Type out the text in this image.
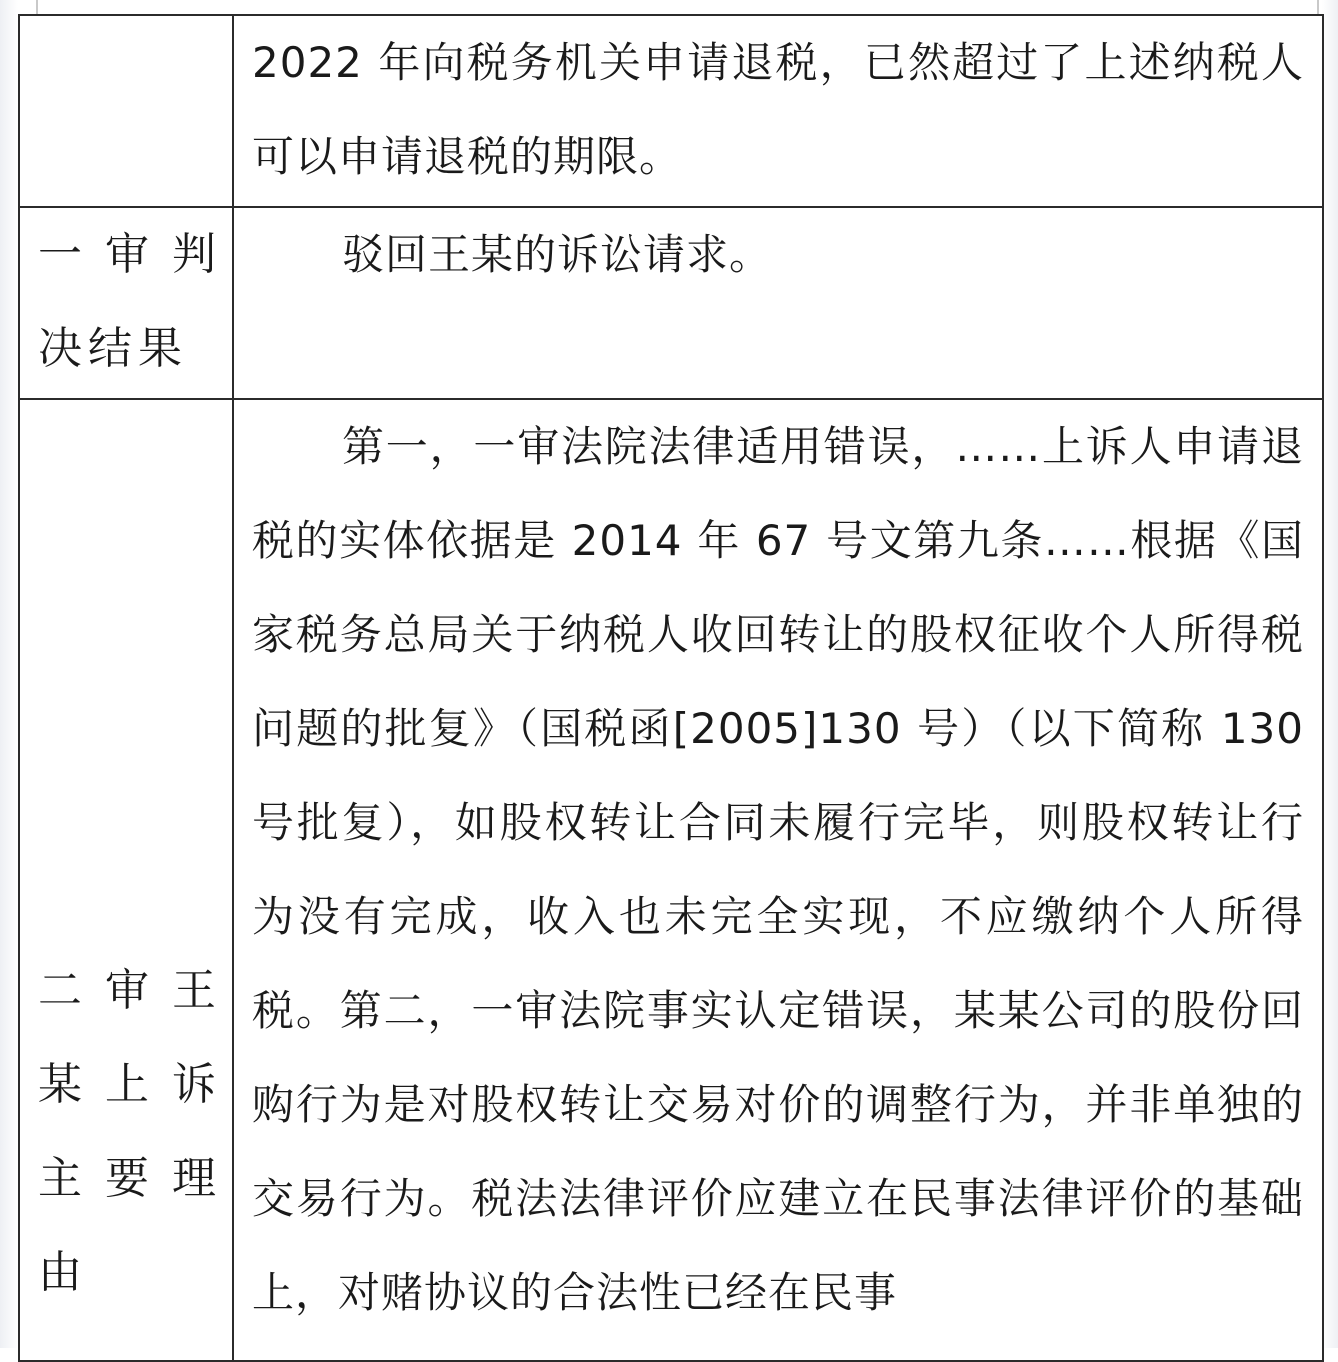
	2022 年向税务机关申请退税，已然超过了上述纳税人可以申请退税的期限。

一审判决结果	驳回王某的诉讼请求。

二审王某上诉主要理由	第一，一审法院法律适用错误，……上诉人申请退税的实体依据是 2014 年 67 号文第九条……根据《国家税务总局关于纳税人收回转让的股权征收个人所得税问题的批复》（国税函[2005]130 号）（以下简称 130 号批复），如股权转让合同未履行完毕，则股权转让行为没有完成，收入也未完全实现，不应缴纳个人所得税。第二，一审法院事实认定错误，某某公司的股份回购行为是对股权转让交易对价的调整行为，并非单独的交易行为。税法法律评价应建立在民事法律评价的基础上，对赌协议的合法性已经在民事
